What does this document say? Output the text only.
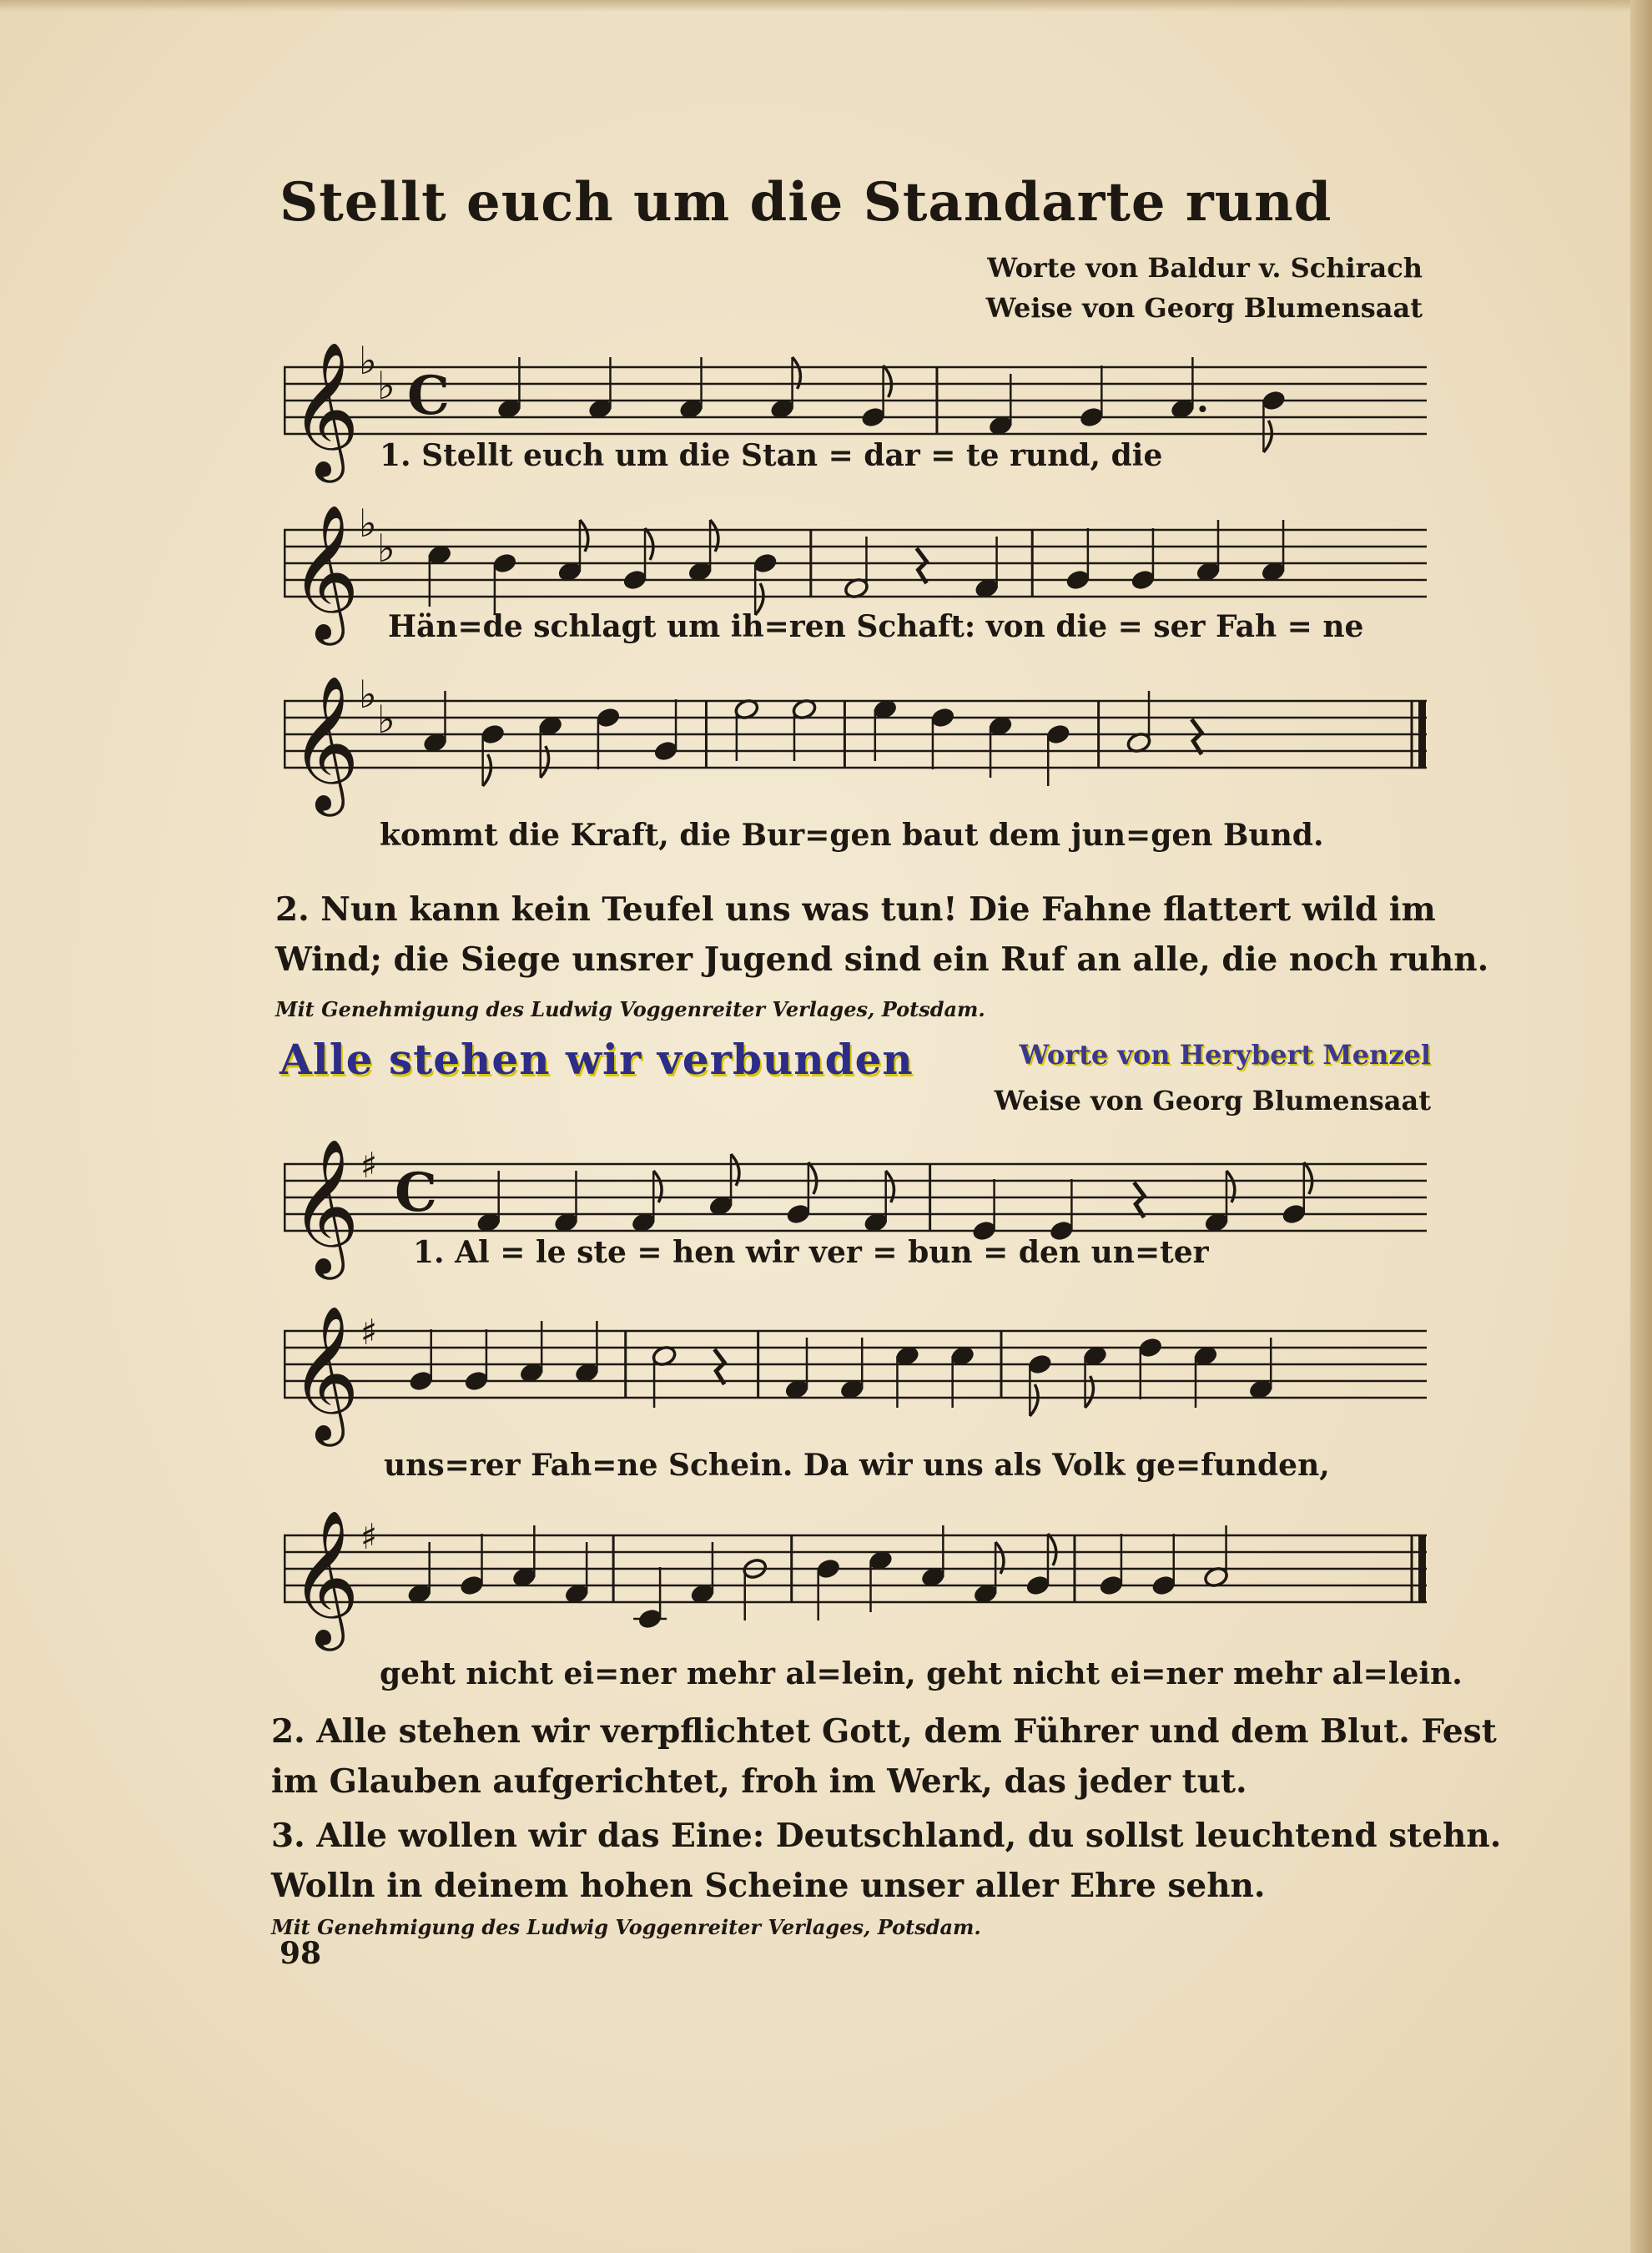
Stellt euch um die Standarte rund
Worte von Baldur v. Schirach
Weise von Georg Blumensaat
𝄞 ♭
♭ C
1. Stellt euch um die Stan = dar = te rund, die
𝄞 ♭
♭
Hän=de schlagt um ih=ren Schaft: von die = ser Fah = ne
𝄞 ♭
♭
kommt die Kraft, die Bur=gen baut dem jun=gen Bund.
2. Nun kann kein Teufel uns was tun! Die Fahne flattert wild im
Wind; die Siege unsrer Jugend sind ein Ruf an alle, die noch ruhn.
Mit Genehmigung des Ludwig Voggenreiter Verlages, Potsdam.
Alle stehen wir verbunden	Worte von Herybert Menzel
Weise von Georg Blumensaat
𝄞 ♯ C
1. Al = le ste = hen wir ver = bun = den un=ter
𝄞 ♯
uns=rer Fah=ne Schein. Da wir uns als Volk ge=funden,
𝄞 ♯
geht nicht ei=ner mehr al=lein, geht nicht ei=ner mehr al=lein.
2. Alle stehen wir verpflichtet Gott, dem Führer und dem Blut. Fest
im Glauben aufgerichtet, froh im Werk, das jeder tut.
3. Alle wollen wir das Eine: Deutschland, du sollst leuchtend stehn.
Wolln in deinem hohen Scheine unser aller Ehre sehn.
Mit Genehmigung des Ludwig Voggenreiter Verlages, Potsdam.
98
